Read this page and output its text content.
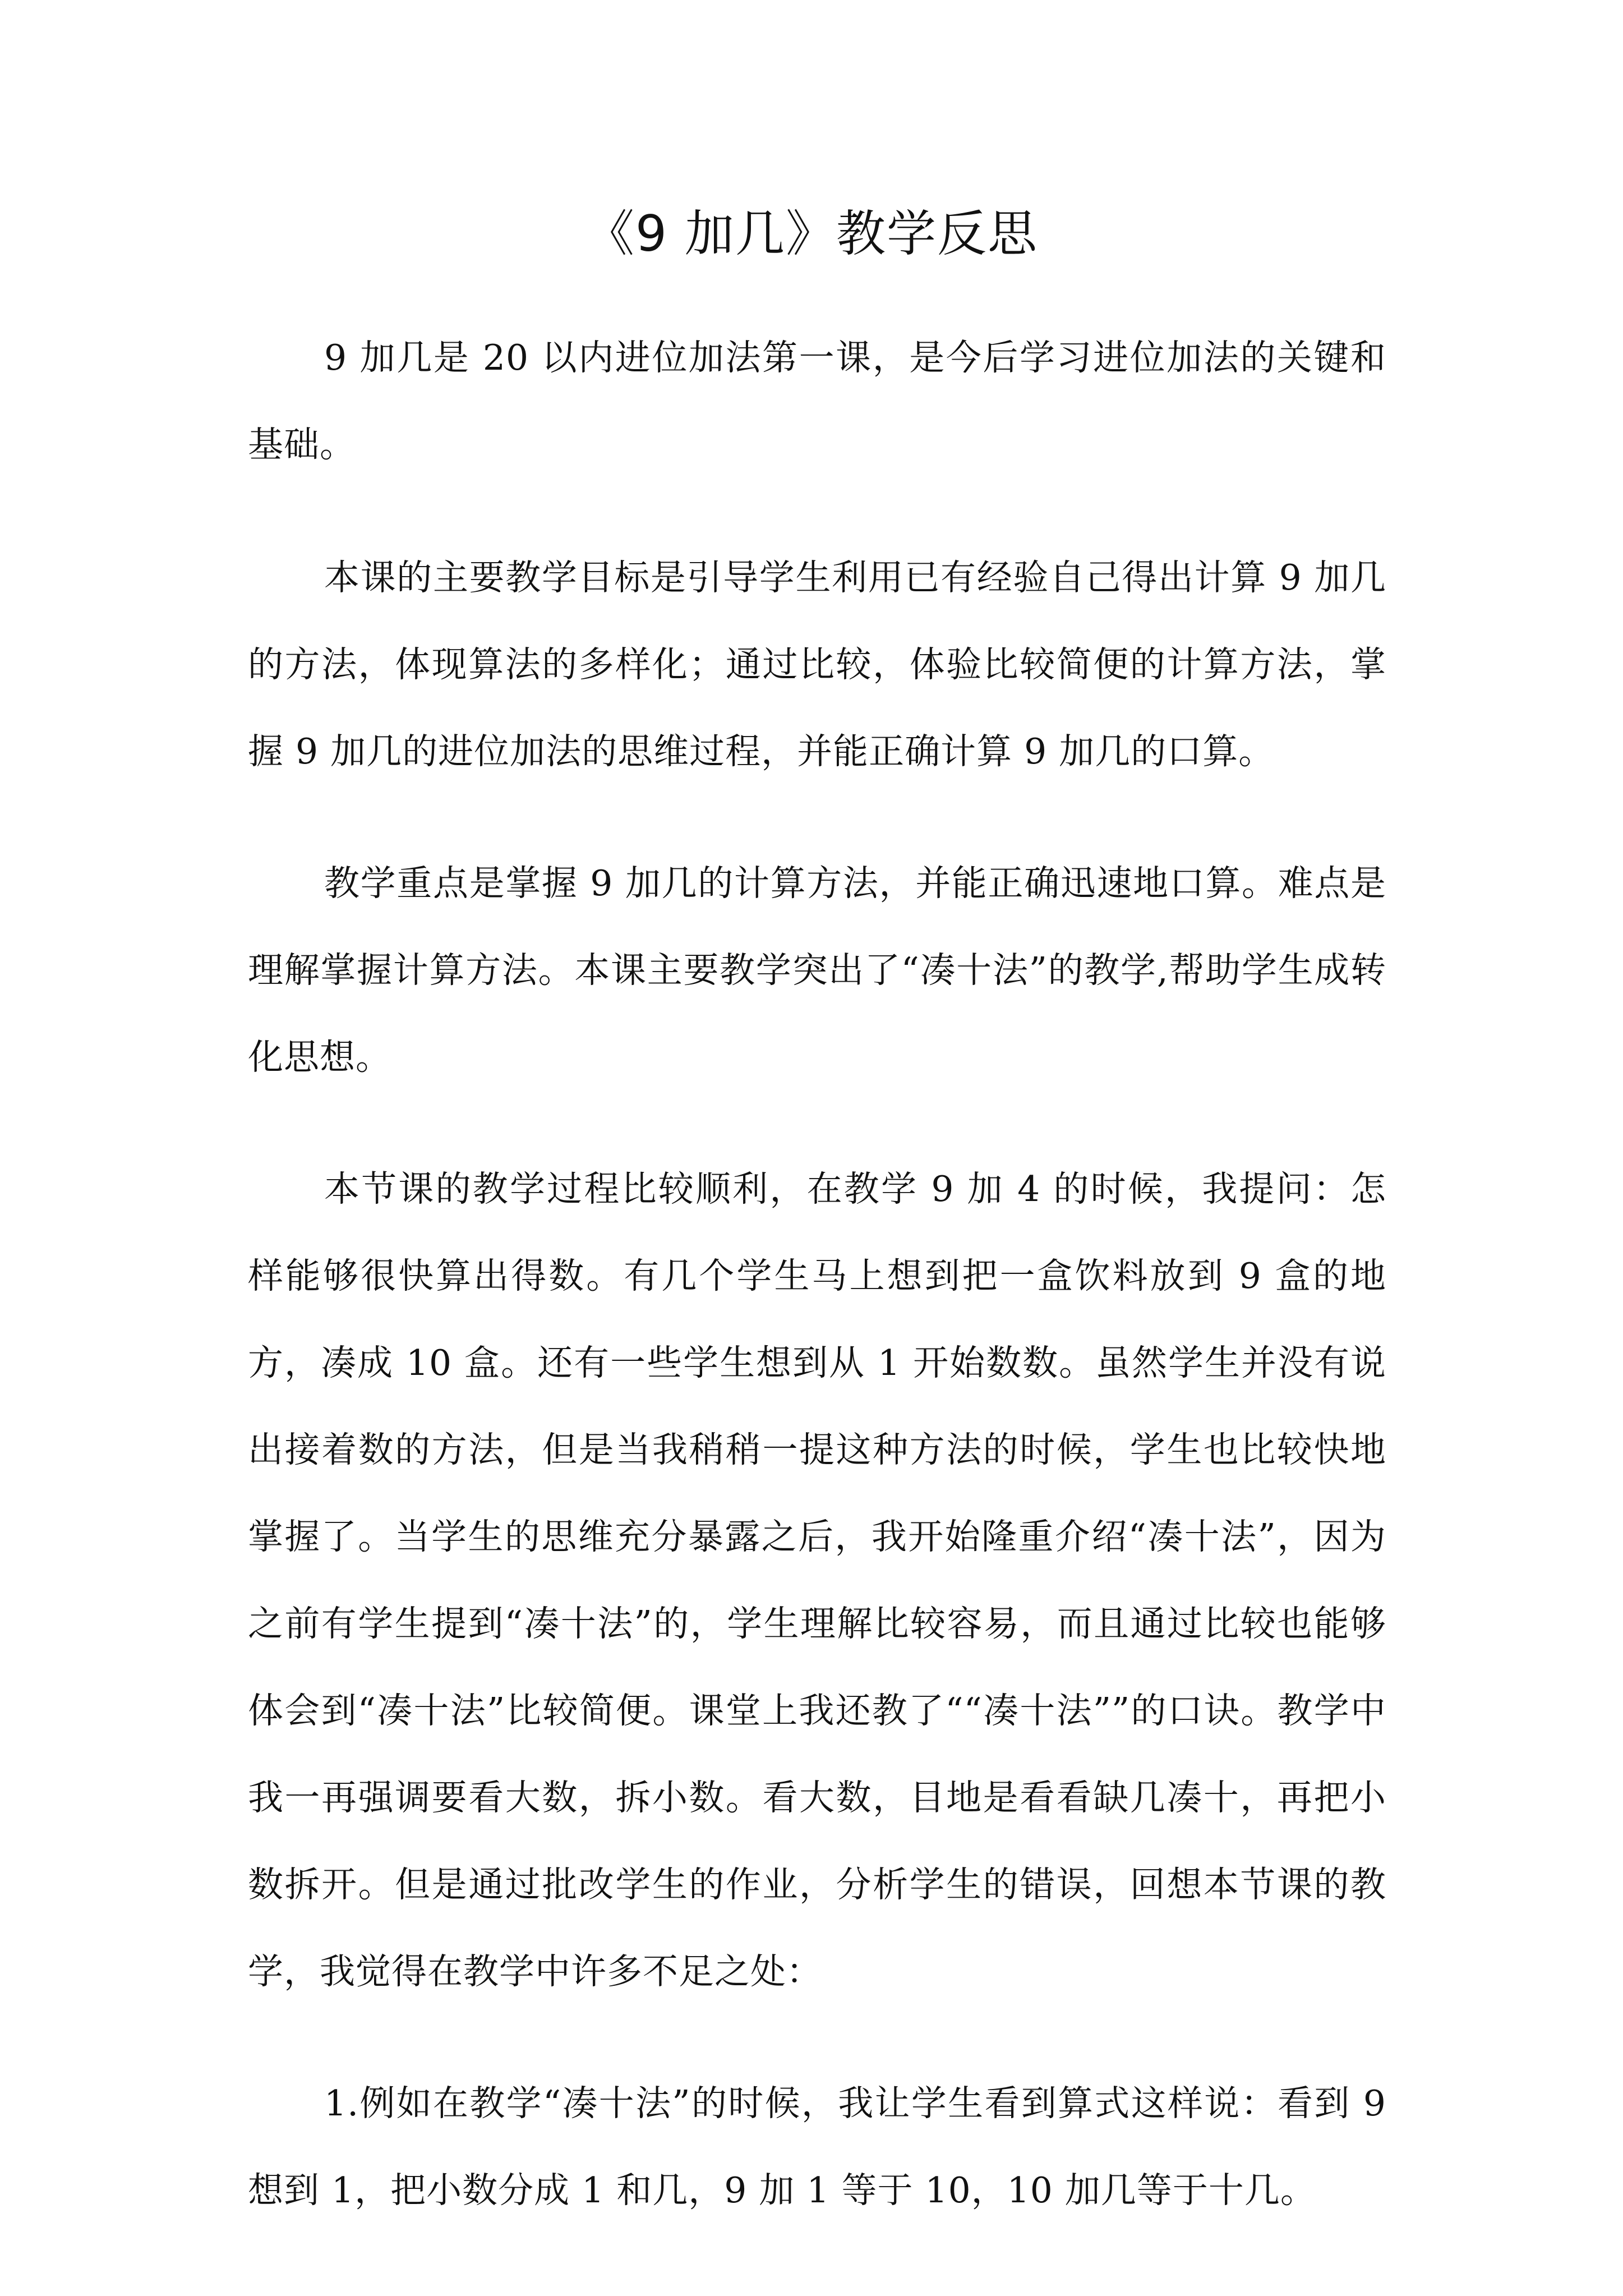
《9 加几》教学反思

9 加几是 20 以内进位加法第一课，是今后学习进位加法的关键和基础。

本课的主要教学目标是引导学生利用已有经验自己得出计算 9 加几的方法，体现算法的多样化；通过比较，体验比较简便的计算方法，掌握 9 加几的进位加法的思维过程，并能正确计算 9 加几的口算。

教学重点是掌握 9 加几的计算方法，并能正确迅速地口算。难点是理解掌握计算方法。本课主要教学突出了“凑十法”的教学,帮助学生成转化思想。

本节课的教学过程比较顺利，在教学 9 加 4 的时候，我提问：怎样能够很快算出得数。有几个学生马上想到把一盒饮料放到 9 盒的地方，凑成 10 盒。还有一些学生想到从 1 开始数数。虽然学生并没有说出接着数的方法，但是当我稍稍一提这种方法的时候，学生也比较快地掌握了。当学生的思维充分暴露之后，我开始隆重介绍“凑十法”，因为之前有学生提到“凑十法”的，学生理解比较容易，而且通过比较也能够体会到“凑十法”比较简便。课堂上我还教了““凑十法””的口诀。教学中我一再强调要看大数，拆小数。看大数，目地是看看缺几凑十，再把小数拆开。但是通过批改学生的作业，分析学生的错误，回想本节课的教学，我觉得在教学中许多不足之处：

1.例如在教学“凑十法”的时候，我让学生看到算式这样说：看到 9 想到 1，把小数分成 1 和几，9 加 1 等于 10，10 加几等于十几。
